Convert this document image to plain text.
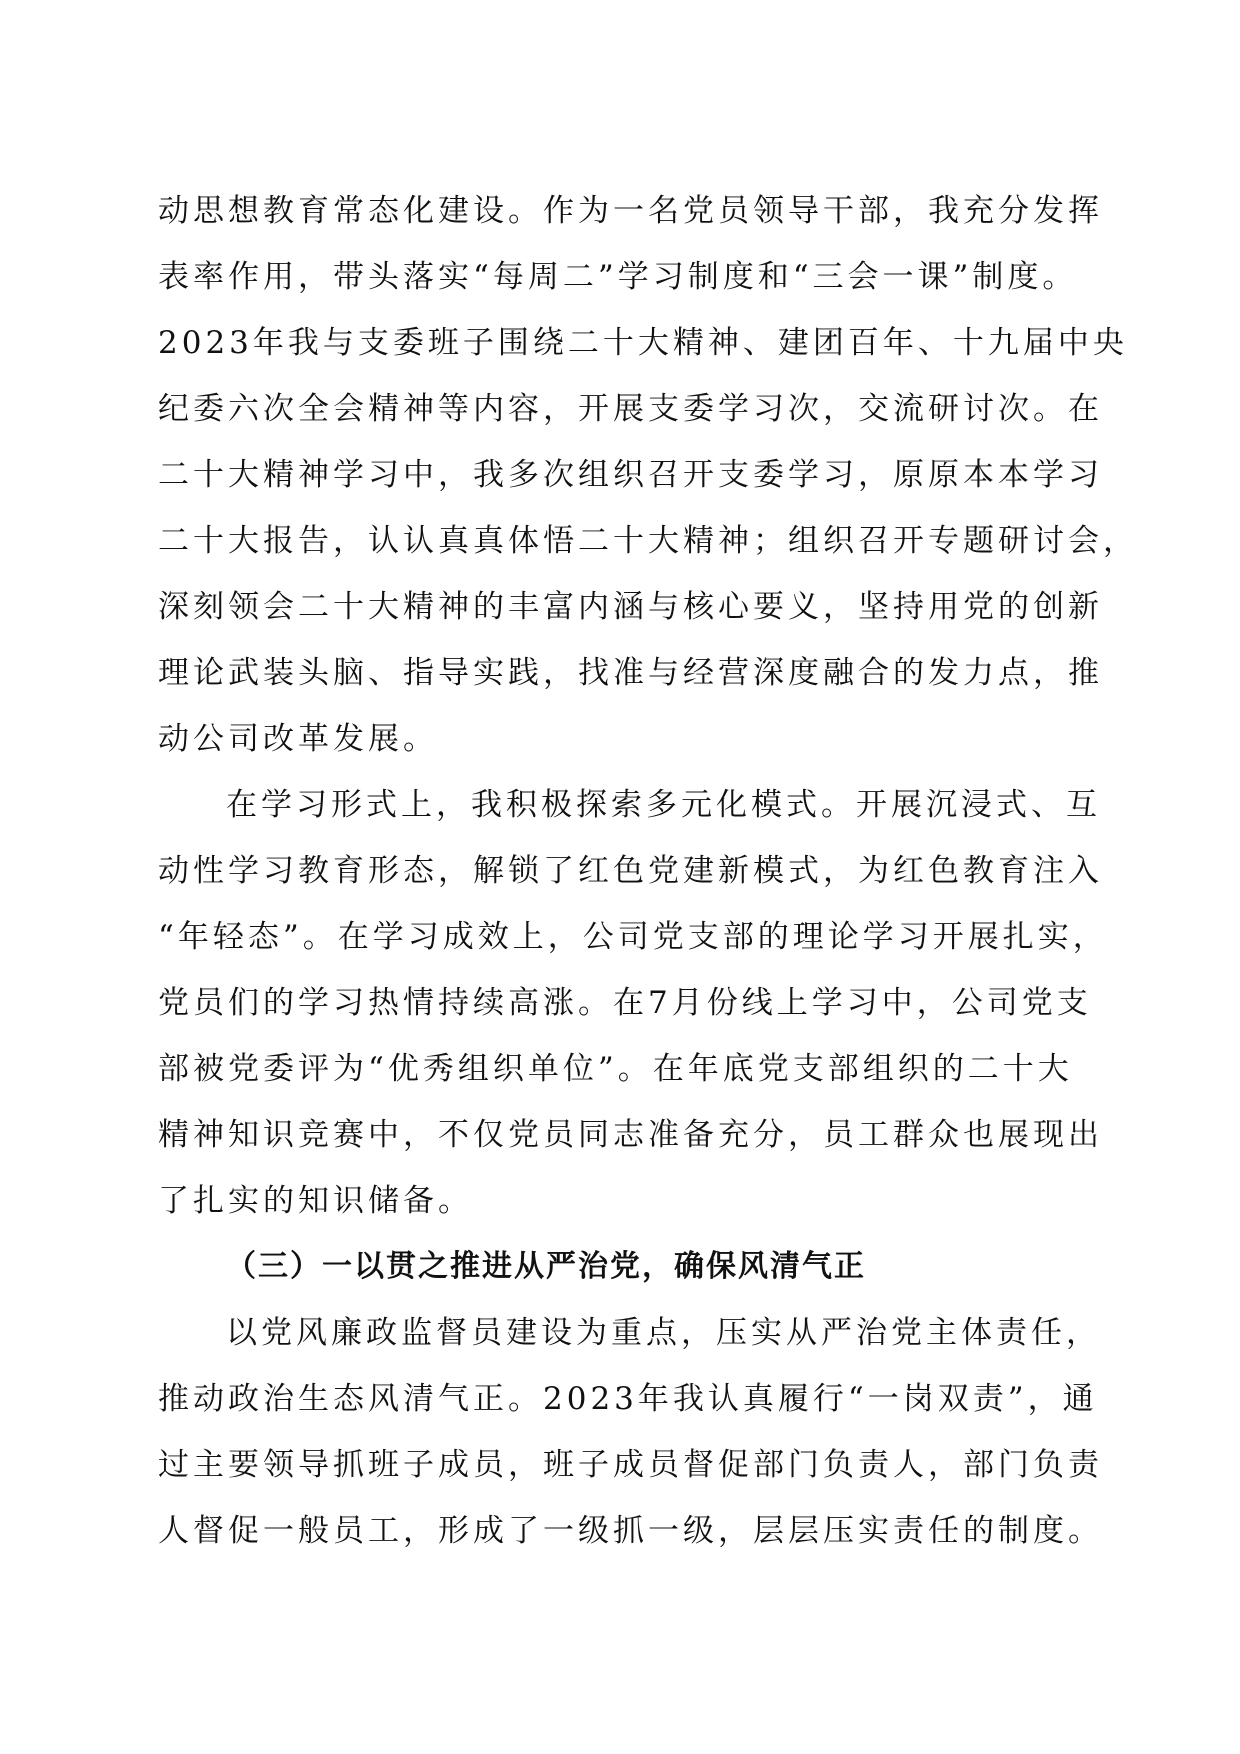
动思想教育常态化建设。作为一名党员领导干部，我充分发挥
表率作用，带头落实“每周二”学习制度和“三会一课”制度。
2023年我与支委班子围绕二十大精神、建团百年、十九届中央
纪委六次全会精神等内容，开展支委学习次，交流研讨次。在
二十大精神学习中，我多次组织召开支委学习，原原本本学习
二十大报告，认认真真体悟二十大精神；组织召开专题研讨会，
深刻领会二十大精神的丰富内涵与核心要义，坚持用党的创新
理论武装头脑、指导实践，找准与经营深度融合的发力点，推
动公司改革发展。
在学习形式上，我积极探索多元化模式。开展沉浸式、互
动性学习教育形态，解锁了红色党建新模式，为红色教育注入
“年轻态”。在学习成效上，公司党支部的理论学习开展扎实，
党员们的学习热情持续高涨。在7月份线上学习中，公司党支
部被党委评为“优秀组织单位”。在年底党支部组织的二十大
精神知识竞赛中，不仅党员同志准备充分，员工群众也展现出
了扎实的知识储备。
（三）一以贯之推进从严治党，确保风清气正
以党风廉政监督员建设为重点，压实从严治党主体责任，
推动政治生态风清气正。2023年我认真履行“一岗双责”，通
过主要领导抓班子成员，班子成员督促部门负责人，部门负责
人督促一般员工，形成了一级抓一级，层层压实责任的制度。
